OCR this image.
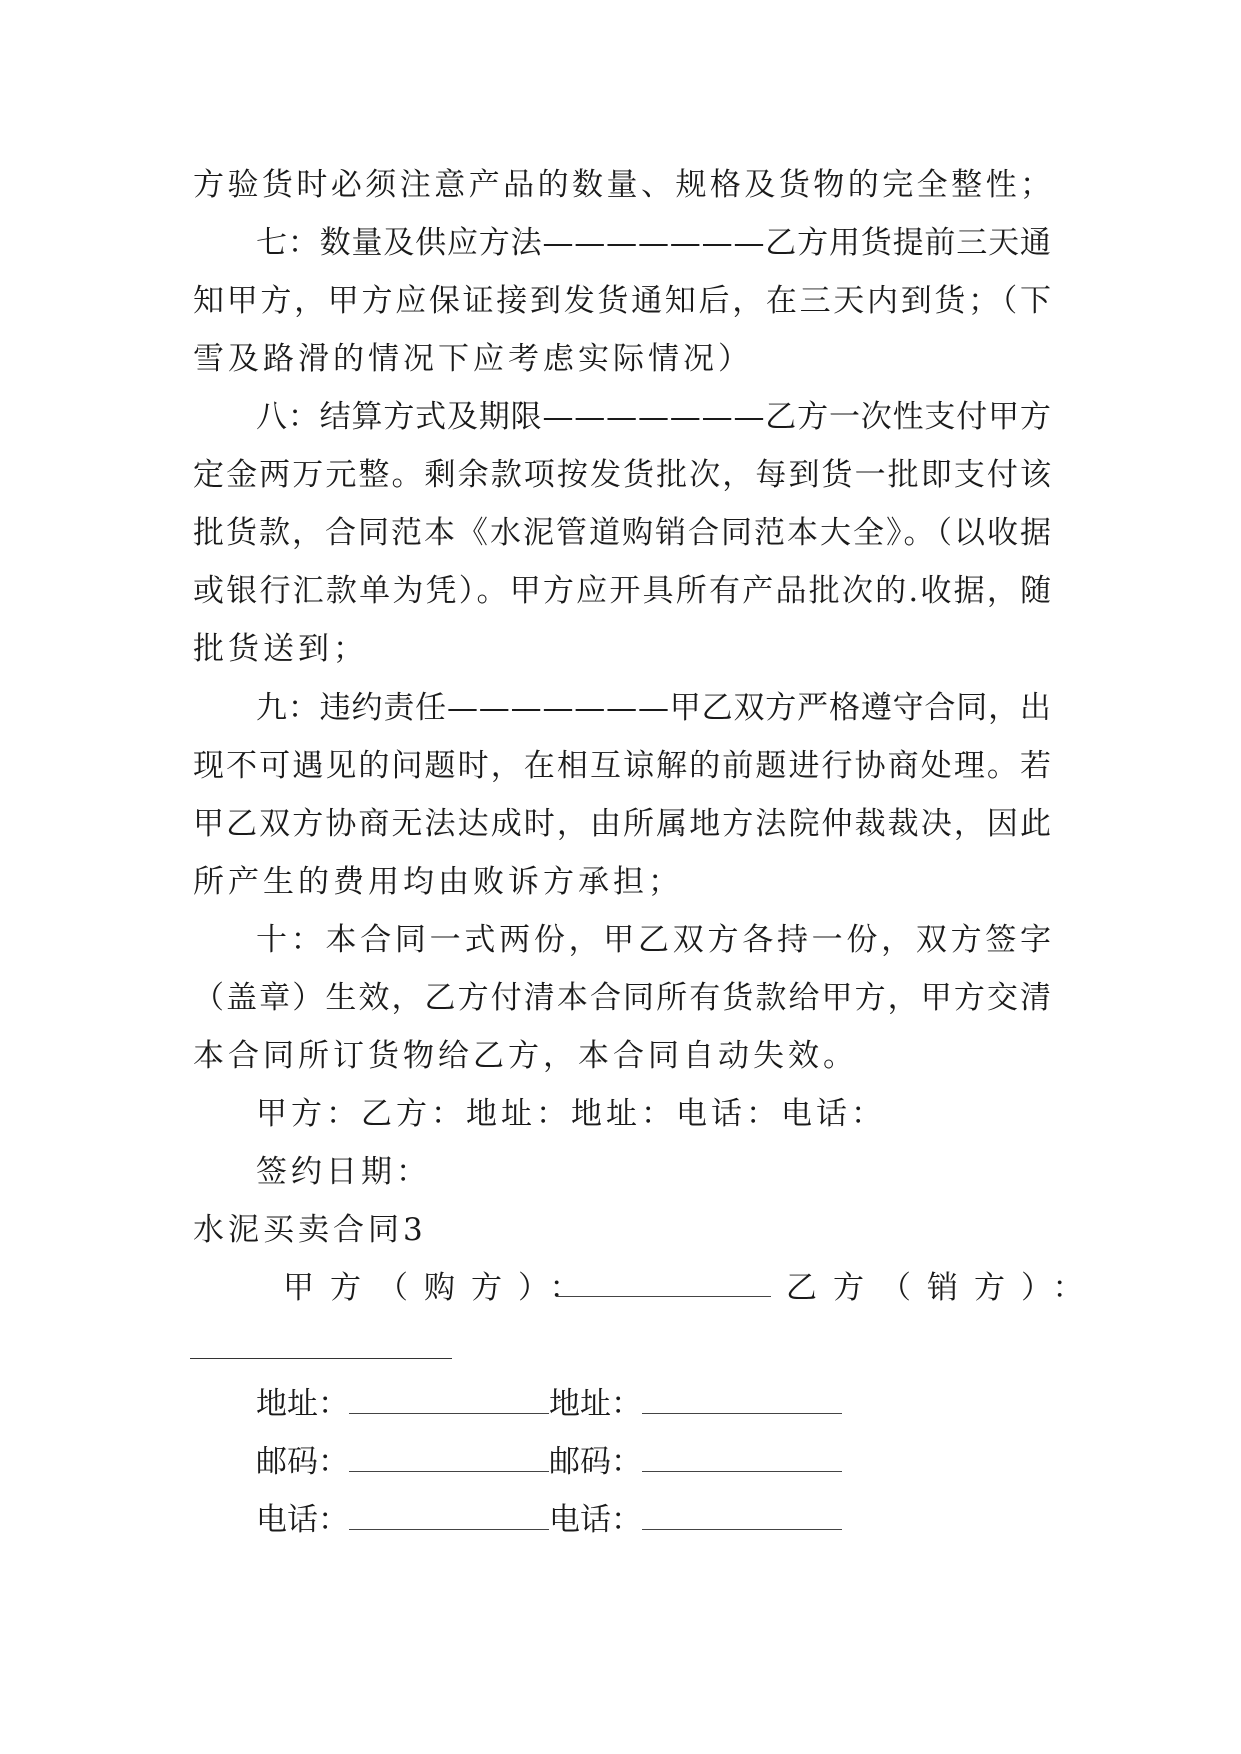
方验货时必须注意产品的数量、规格及货物的完全整性；
七：数量及供应方法———————乙方用货提前三天通
知甲方，甲方应保证接到发货通知后，在三天内到货；（下
雪及路滑的情况下应考虑实际情况）
八：结算方式及期限———————乙方一次性支付甲方
定金两万元整。剩余款项按发货批次，每到货一批即支付该
批货款，合同范本《水泥管道购销合同范本大全》。（以收据
或银行汇款单为凭）。甲方应开具所有产品批次的.收据，随
批货送到；
九：违约责任———————甲乙双方严格遵守合同，出
现不可遇见的问题时，在相互谅解的前题进行协商处理。若
甲乙双方协商无法达成时，由所属地方法院仲裁裁决，因此
所产生的费用均由败诉方承担；
十：本合同一式两份，甲乙双方各持一份，双方签字
（盖章）生效，乙方付清本合同所有货款给甲方，甲方交清
本合同所订货物给乙方，本合同自动失效。
甲方：乙方：地址：地址：电话：电话：
签约日期：
水泥买卖合同3
甲方（购方）：	乙方（销方）：
地址：	地址：
邮码：	邮码：
电话：	电话：
